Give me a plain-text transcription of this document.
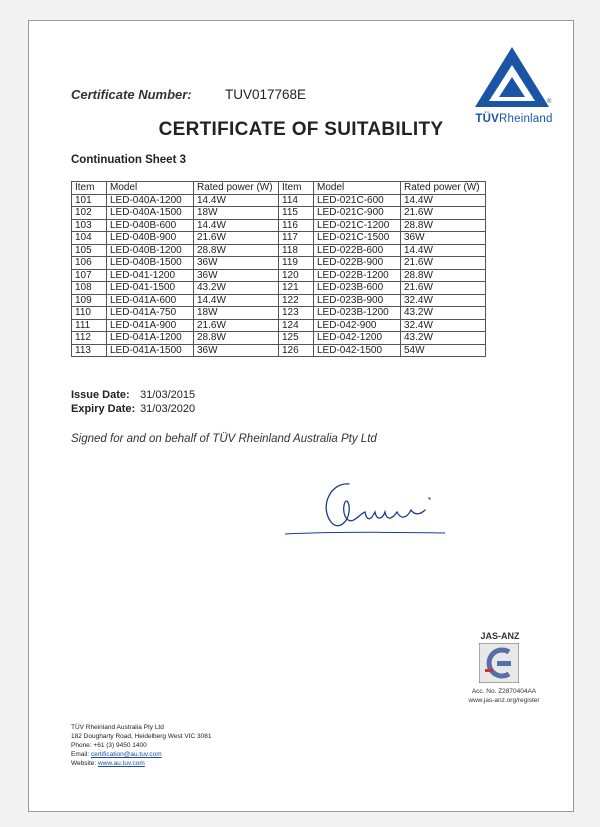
Certificate Number: TUV017768E	®
TÜVRheinland
CERTIFICATE OF SUITABILITY
Continuation Sheet 3
Item	Model	Rated power (W)	Item	Model	Rated power (W)
101	LED-040A-1200	14.4W	114	LED-021C-600	14.4W
102	LED-040A-1500	18W	115	LED-021C-900	21.6W
103	LED-040B-600	14.4W	116	LED-021C-1200	28.8W
104	LED-040B-900	21.6W	117	LED-021C-1500	36W
105	LED-040B-1200	28.8W	118	LED-022B-600	14.4W
106	LED-040B-1500	36W	119	LED-022B-900	21.6W
107	LED-041-1200	36W	120	LED-022B-1200	28.8W
108	LED-041-1500	43.2W	121	LED-023B-600	21.6W
109	LED-041A-600	14.4W	122	LED-023B-900	32.4W
110	LED-041A-750	18W	123	LED-023B-1200	43.2W
111	LED-041A-900	21.6W	124	LED-042-900	32.4W
112	LED-041A-1200	28.8W	125	LED-042-1200	43.2W
113	LED-041A-1500	36W	126	LED-042-1500	54W
Issue Date: 31/03/2015
Expiry Date: 31/03/2020
Signed for and on behalf of TÜV Rheinland Australia Pty Ltd
JAS-ANZ
Acc. No. Z2870404AA
www.jas-anz.org/register
TÜV Rheinland Australia Pty Ltd
182 Dougharty Road, Heidelberg West VIC 3081
Phone: +61 (3) 9450 1400
Email: certification@au.tuv.com
Website: www.au.tuv.com
